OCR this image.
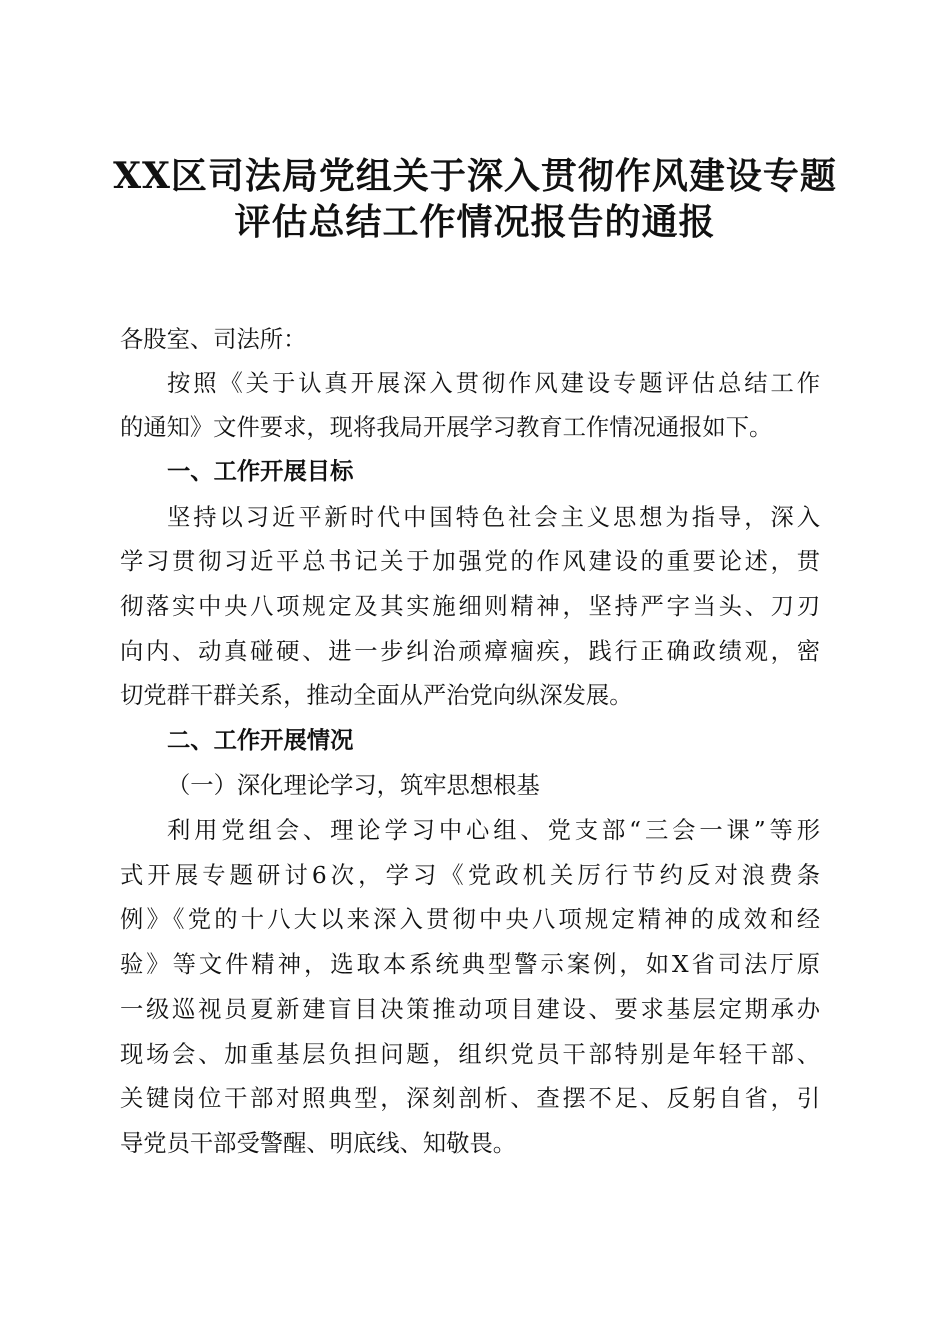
XX区司法局党组关于深入贯彻作风建设专题
评估总结工作情况报告的通报
各股室、司法所：
按照《关于认真开展深入贯彻作风建设专题评估总结工作
的通知》文件要求，现将我局开展学习教育工作情况通报如下。
一、工作开展目标
坚持以习近平新时代中国特色社会主义思想为指导，深入
学习贯彻习近平总书记关于加强党的作风建设的重要论述，贯
彻落实中央八项规定及其实施细则精神，坚持严字当头、刀刃
向内、动真碰硬、进一步纠治顽瘴痼疾，践行正确政绩观，密
切党群干群关系，推动全面从严治党向纵深发展。
二、工作开展情况
（一）深化理论学习，筑牢思想根基
利用党组会、理论学习中心组、党支部“三会一课”等形
式开展专题研讨6次，学习《党政机关厉行节约反对浪费条
例》《党的十八大以来深入贯彻中央八项规定精神的成效和经
验》等文件精神，选取本系统典型警示案例，如X省司法厅原
一级巡视员夏新建盲目决策推动项目建设、要求基层定期承办
现场会、加重基层负担问题，组织党员干部特别是年轻干部、
关键岗位干部对照典型，深刻剖析、查摆不足、反躬自省，引
导党员干部受警醒、明底线、知敬畏。
